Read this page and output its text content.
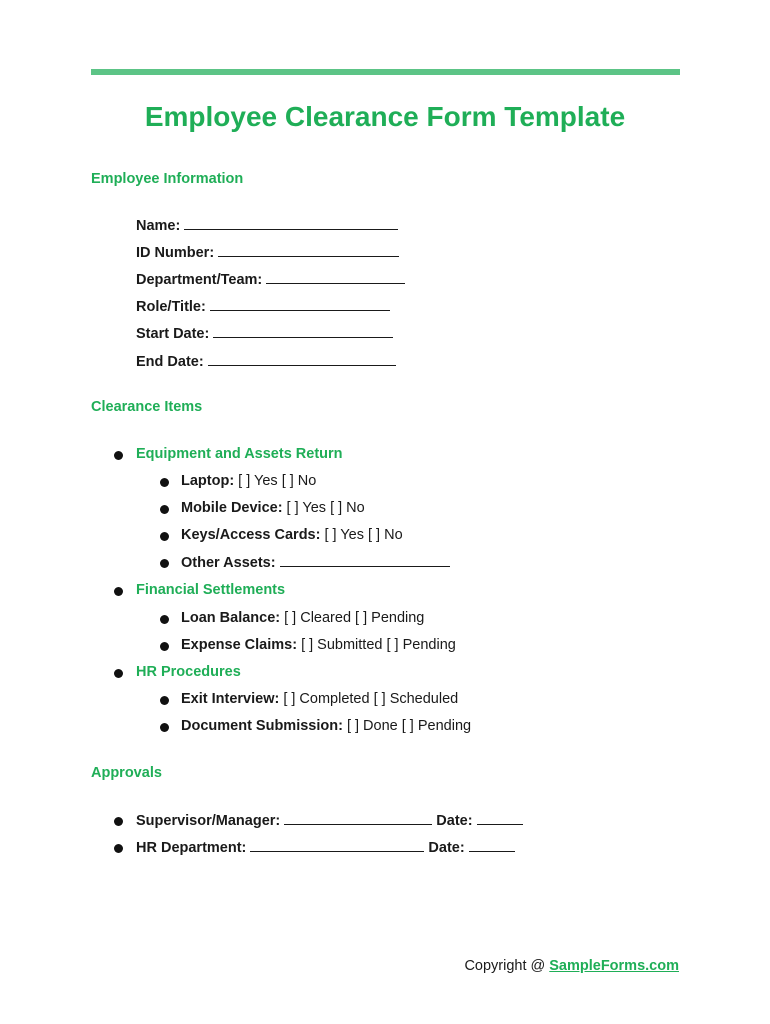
Employee Clearance Form Template
Employee Information
Name:
ID Number:
Department/Team:
Role/Title:
Start Date:
End Date:
Clearance Items
Equipment and Assets Return
Laptop: [ ] Yes [ ] No
Mobile Device: [ ] Yes [ ] No
Keys/Access Cards: [ ] Yes [ ] No
Other Assets:
Financial Settlements
Loan Balance: [ ] Cleared [ ] Pending
Expense Claims: [ ] Submitted [ ] Pending
HR Procedures
Exit Interview: [ ] Completed [ ] Scheduled
Document Submission: [ ] Done [ ] Pending
Approvals
Supervisor/Manager:	Date:
HR Department:	Date:
Copyright @ SampleForms.com
